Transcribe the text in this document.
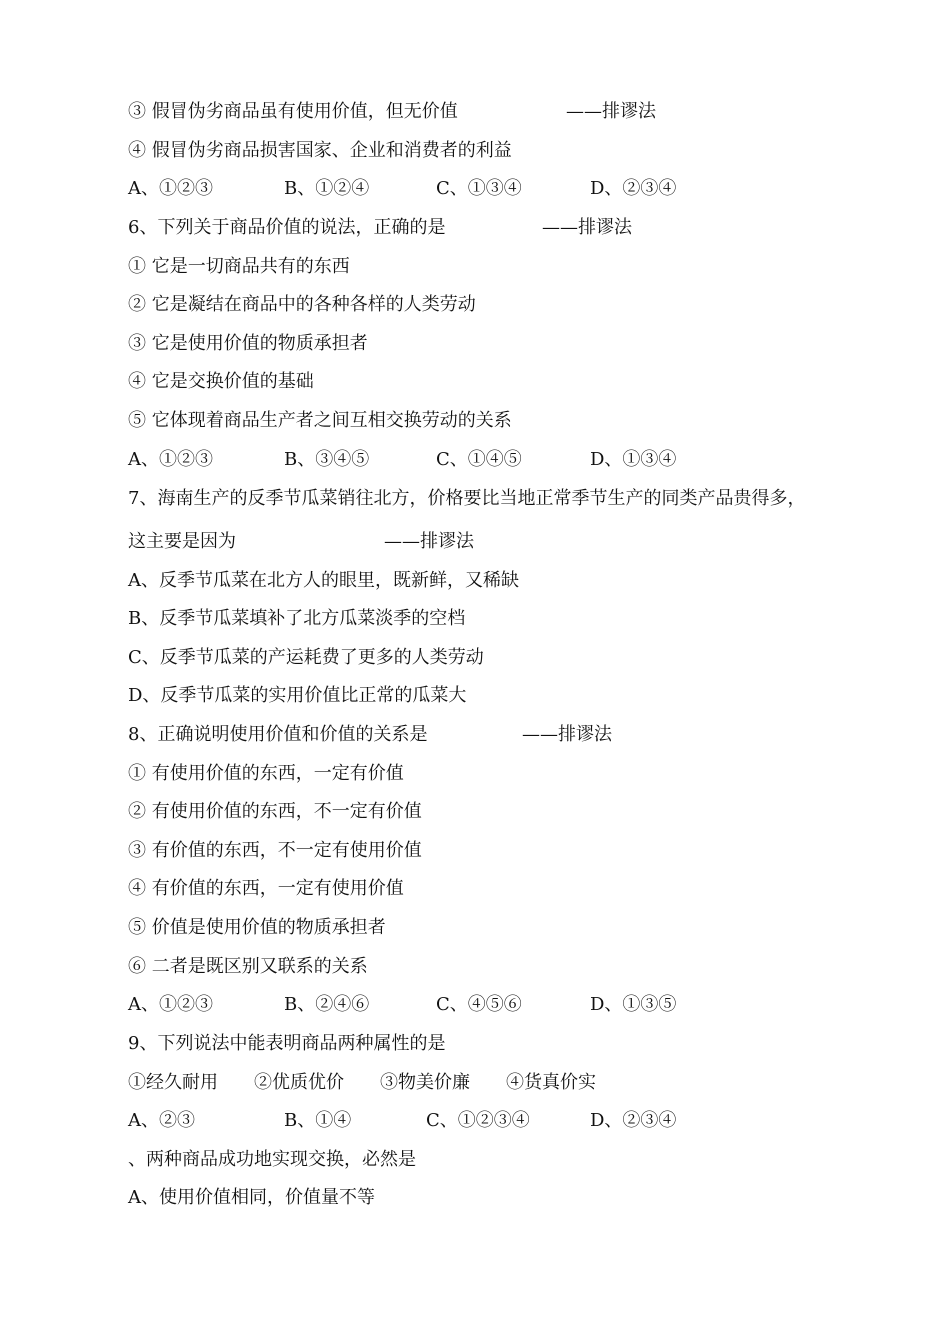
③ 假冒伪劣商品虽有使用价值，但无价值	——排谬法
④ 假冒伪劣商品损害国家、企业和消费者的利益
A、①②③	B、①②④	C、①③④	D、②③④
6、下列关于商品价值的说法，正确的是	——排谬法
① 它是一切商品共有的东西
② 它是凝结在商品中的各种各样的人类劳动
③ 它是使用价值的物质承担者
④ 它是交换价值的基础
⑤ 它体现着商品生产者之间互相交换劳动的关系
A、①②③	B、③④⑤	C、①④⑤	D、①③④
7、海南生产的反季节瓜菜销往北方，价格要比当地正常季节生产的同类产品贵得多，
这主要是因为	——排谬法
A、反季节瓜菜在北方人的眼里，既新鲜，又稀缺
B、反季节瓜菜填补了北方瓜菜淡季的空档
C、反季节瓜菜的产运耗费了更多的人类劳动
D、反季节瓜菜的实用价值比正常的瓜菜大
8、正确说明使用价值和价值的关系是	——排谬法
① 有使用价值的东西，一定有价值
② 有使用价值的东西，不一定有价值
③ 有价值的东西，不一定有使用价值
④ 有价值的东西，一定有使用价值
⑤ 价值是使用价值的物质承担者
⑥ 二者是既区别又联系的关系
A、①②③	B、②④⑥	C、④⑤⑥	D、①③⑤
9、下列说法中能表明商品两种属性的是
①经久耐用　　②优质优价　　③物美价廉　　④货真价实
A、②③	B、①④	C、①②③④	D、②③④
、两种商品成功地实现交换，必然是
A、使用价值相同，价值量不等
